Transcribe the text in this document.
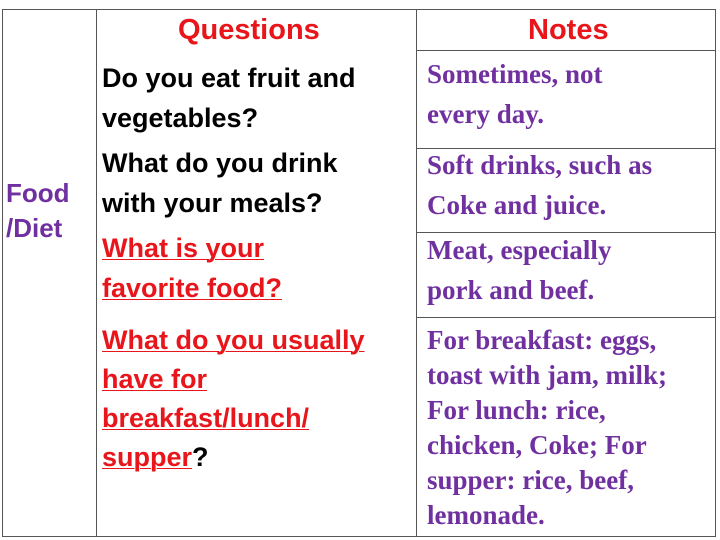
Questions	Notes
Food
/Diet
Do you eat fruit and
vegetables?
Sometimes, not
every day.
What do you drink
with your meals?
Soft drinks, such as
Coke and juice.
What is your
favorite food?
Meat, especially
pork and beef.
What do you usually
have for
breakfast/lunch/
supper?
For breakfast: eggs,
toast with jam, milk;
For lunch: rice,
chicken, Coke; For
supper: rice, beef,
lemonade.
